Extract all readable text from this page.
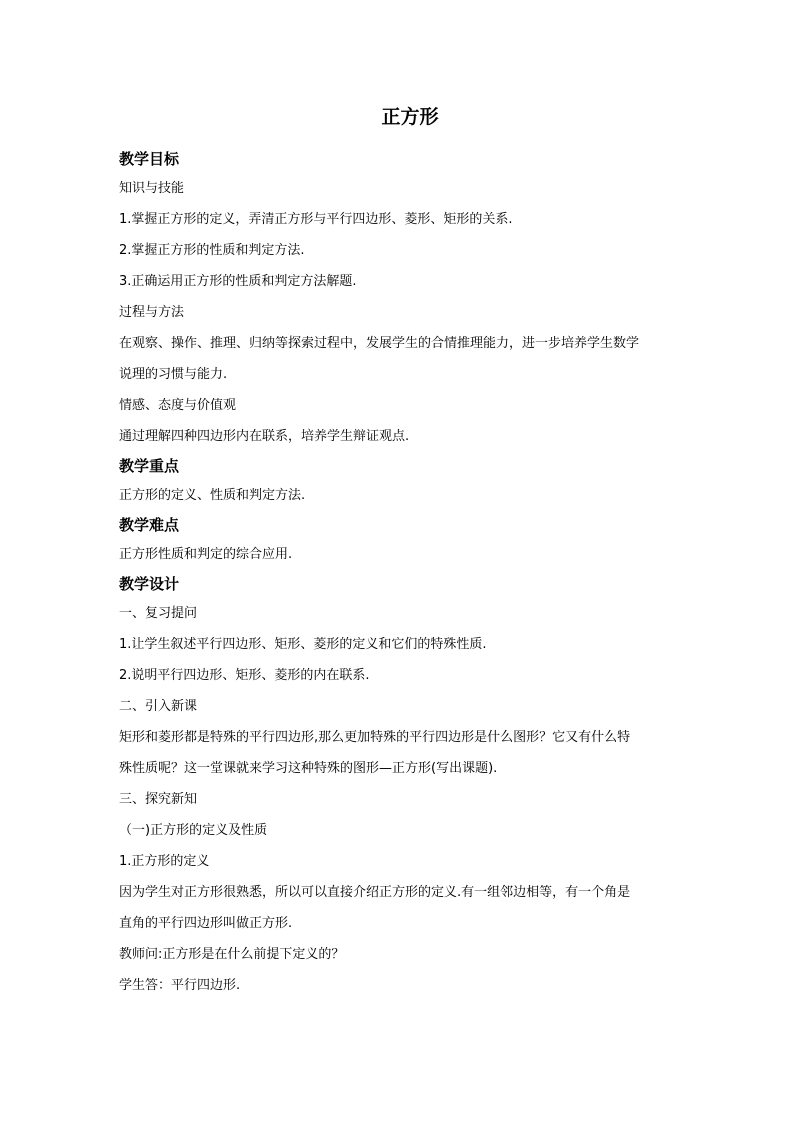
正方形
教学目标
知识与技能
1.掌握正方形的定义，弄清正方形与平行四边形、菱形、矩形的关系.
2.掌握正方形的性质和判定方法.
3.正确运用正方形的性质和判定方法解题.
过程与方法
在观察、操作、推理、归纳等探索过程中，发展学生的合情推理能力，进一步培养学生数学
说理的习惯与能力.
情感、态度与价值观
通过理解四种四边形内在联系，培养学生辩证观点.
教学重点
正方形的定义、性质和判定方法.
教学难点
正方形性质和判定的综合应用.
教学设计
一、复习提问
1.让学生叙述平行四边形、矩形、菱形的定义和它们的特殊性质.
2.说明平行四边形、矩形、菱形的内在联系.
二、引入新课
矩形和菱形都是特殊的平行四边形,那么更加特殊的平行四边形是什么图形？它又有什么特
殊性质呢？这一堂课就来学习这种特殊的图形—正方形(写出课题).
三、探究新知
（一)正方形的定义及性质
1.正方形的定义
因为学生对正方形很熟悉，所以可以直接介绍正方形的定义.有一组邻边相等，有一个角是
直角的平行四边形叫做正方形.
教师问:正方形是在什么前提下定义的？
学生答：平行四边形.
